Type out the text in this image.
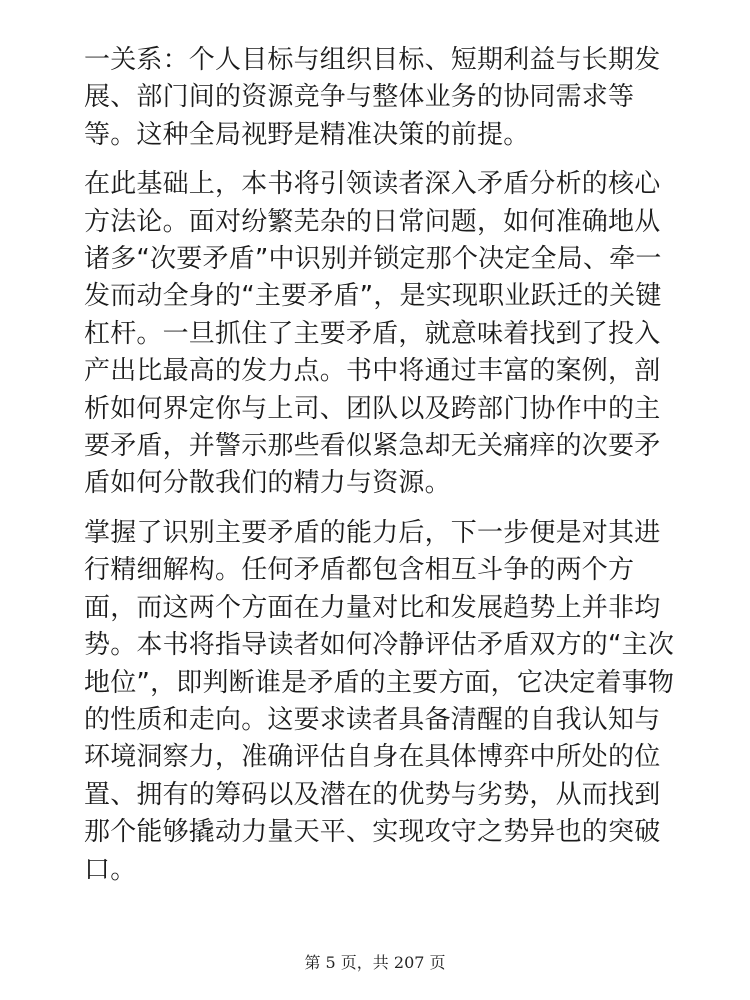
一关系：个人目标与组织目标、短期利益与长期发展、部门间的资源竞争与整体业务的协同需求等等。这种全局视野是精准决策的前提。

在此基础上，本书将引领读者深入矛盾分析的核心方法论。面对纷繁芜杂的日常问题，如何准确地从诸多“次要矛盾”中识别并锁定那个决定全局、牵一发而动全身的“主要矛盾”，是实现职业跃迁的关键杠杆。一旦抓住了主要矛盾，就意味着找到了投入产出比最高的发力点。书中将通过丰富的案例，剖析如何界定你与上司、团队以及跨部门协作中的主要矛盾，并警示那些看似紧急却无关痛痒的次要矛盾如何分散我们的精力与资源。

掌握了识别主要矛盾的能力后，下一步便是对其进行精细解构。任何矛盾都包含相互斗争的两个方面，而这两个方面在力量对比和发展趋势上并非均势。本书将指导读者如何冷静评估矛盾双方的“主次地位”，即判断谁是矛盾的主要方面，它决定着事物的性质和走向。这要求读者具备清醒的自我认知与环境洞察力，准确评估自身在具体博弈中所处的位置、拥有的筹码以及潜在的优势与劣势，从而找到那个能够撬动力量天平、实现攻守之势异也的突破口。

第 5 页，共 207 页
